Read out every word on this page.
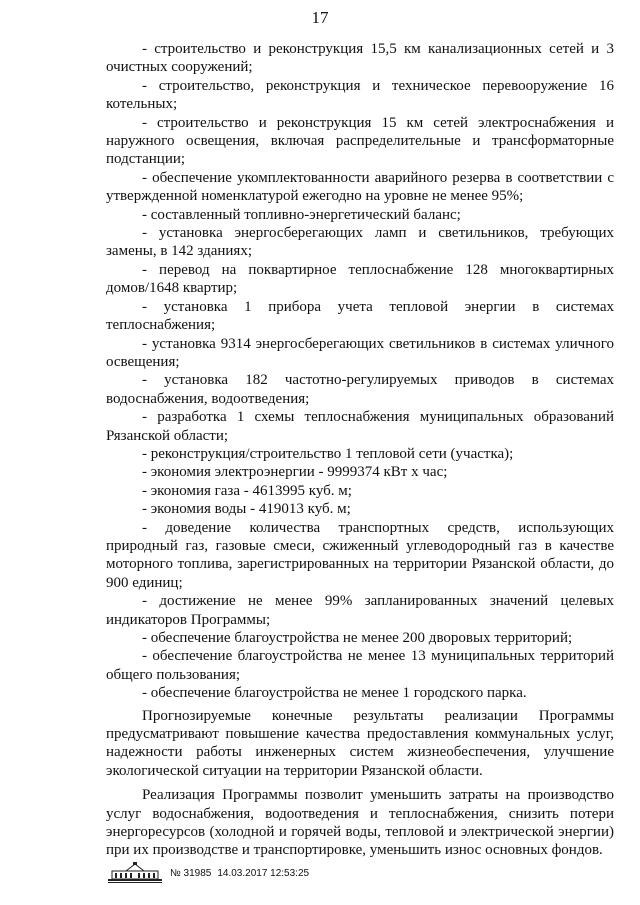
17

- строительство и реконструкция 15,5 км канализационных сетей и 3 очистных сооружений;

- строительство, реконструкция и техническое перевооружение 16 котельных;

- строительство и реконструкция 15 км сетей электроснабжения и наружного освещения, включая распределительные и трансформаторные подстанции;

- обеспечение укомплектованности аварийного резерва в соответствии с утвержденной номенклатурой ежегодно на уровне не менее 95%;

- составленный топливно-энергетический баланс;

- установка энергосберегающих ламп и светильников, требующих замены, в 142 зданиях;

- перевод на поквартирное теплоснабжение 128 многоквартирных домов/1648 квартир;

- установка 1 прибора учета тепловой энергии в системах теплоснабжения;

- установка 9314 энергосберегающих светильников в системах уличного освещения;

- установка 182 частотно-регулируемых приводов в системах водоснабжения, водоотведения;

- разработка 1 схемы теплоснабжения муниципальных образований Рязанской области;

- реконструкция/строительство 1 тепловой сети (участка);

- экономия электроэнергии - 9999374 кВт х час;

- экономия газа - 4613995 куб. м;

- экономия воды - 419013 куб. м;

- доведение количества транспортных средств, использующих природный газ, газовые смеси, сжиженный углеводородный газ в качестве моторного топлива, зарегистрированных на территории Рязанской области, до 900 единиц;

- достижение не менее 99% запланированных значений целевых индикаторов Программы;

- обеспечение благоустройства не менее 200 дворовых территорий;

- обеспечение благоустройства не менее 13 муниципальных территорий общего пользования;

- обеспечение благоустройства не менее 1 городского парка.

Прогнозируемые конечные результаты реализации Программы предусматривают повышение качества предоставления коммунальных услуг, надежности работы инженерных систем жизнеобеспечения, улучшение экологической ситуации на территории Рязанской области.

Реализация Программы позволит уменьшить затраты на производство услуг водоснабжения, водоотведения и теплоснабжения, снизить потери энергоресурсов (холодной и горячей воды, тепловой и электрической энергии) при их производстве и транспортировке, уменьшить износ основных фондов.

№ 31985 14.03.2017 12:53:25
